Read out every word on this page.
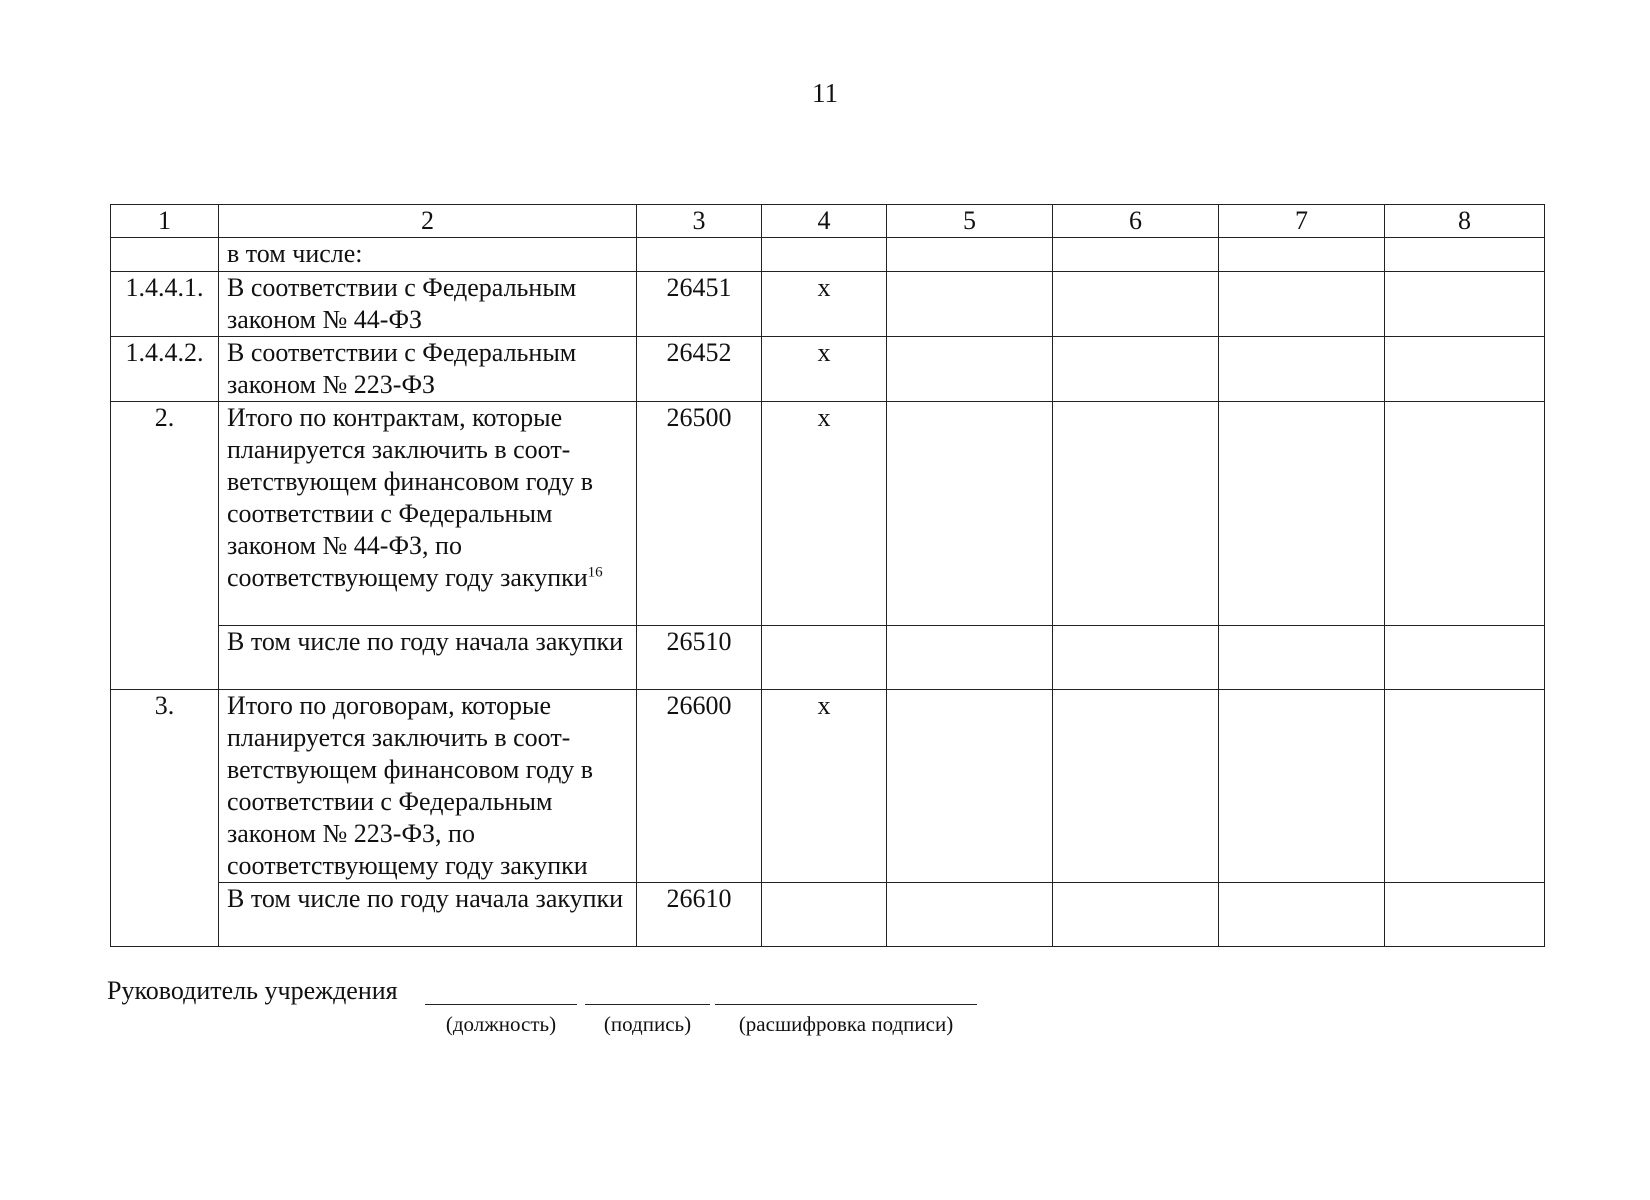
11
1	2	3	4	5	6	7	8
	в том числе:						
1.4.4.1.	В соответствии с Федеральным законом № 44-ФЗ	26451	x				
1.4.4.2.	В соответствии с Федеральным законом № 223-ФЗ	26452	x				
2.	Итого по контрактам, которые планируется заключить в соот- ветствующем финансовом году в соответствии с Федеральным законом № 44-ФЗ, по соответствующему году закупки$^{16}$	26500	x				
	В том числе по году начала закупки	26510					
3.	Итого по договорам, которые планируется заключить в соот- ветствующем финансовом году в соответствии с Федеральным законом № 223-ФЗ, по соответствующему году закупки	26600	x				
	В том числе по году начала закупки	26610					
Руководитель учреждения
(должность)	(подпись)	(расшифровка подписи)
